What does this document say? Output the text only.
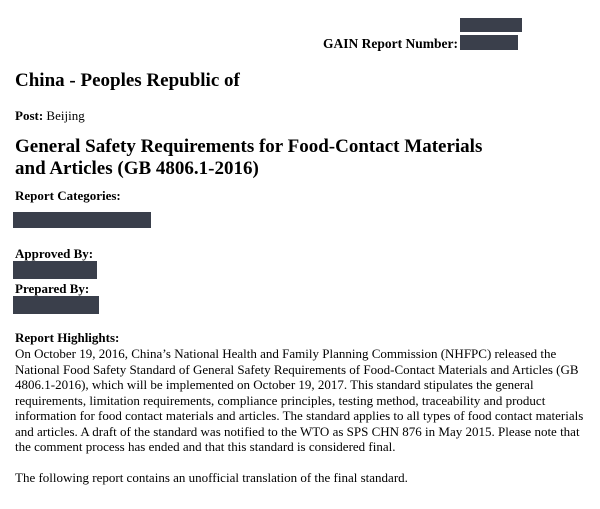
GAIN Report Number:
China - Peoples Republic of
Post: Beijing
General Safety Requirements for Food-Contact Materials
and Articles (GB 4806.1-2016)
Report Categories:
Approved By:
Prepared By:
Report Highlights:

On October 19, 2016, China’s National Health and Family Planning Commission (NHFPC) released the National Food Safety Standard of General Safety Requirements of Food-Contact Materials and Articles (GB 4806.1-2016), which will be implemented on October 19, 2017. This standard stipulates the general requirements, limitation requirements, compliance principles, testing method, traceability and product information for food contact materials and articles. The standard applies to all types of food contact materials and articles. A draft of the standard was notified to the WTO as SPS CHN 876 in May 2015. Please note that the comment process has ended and that this standard is considered final.

The following report contains an unofficial translation of the final standard.
